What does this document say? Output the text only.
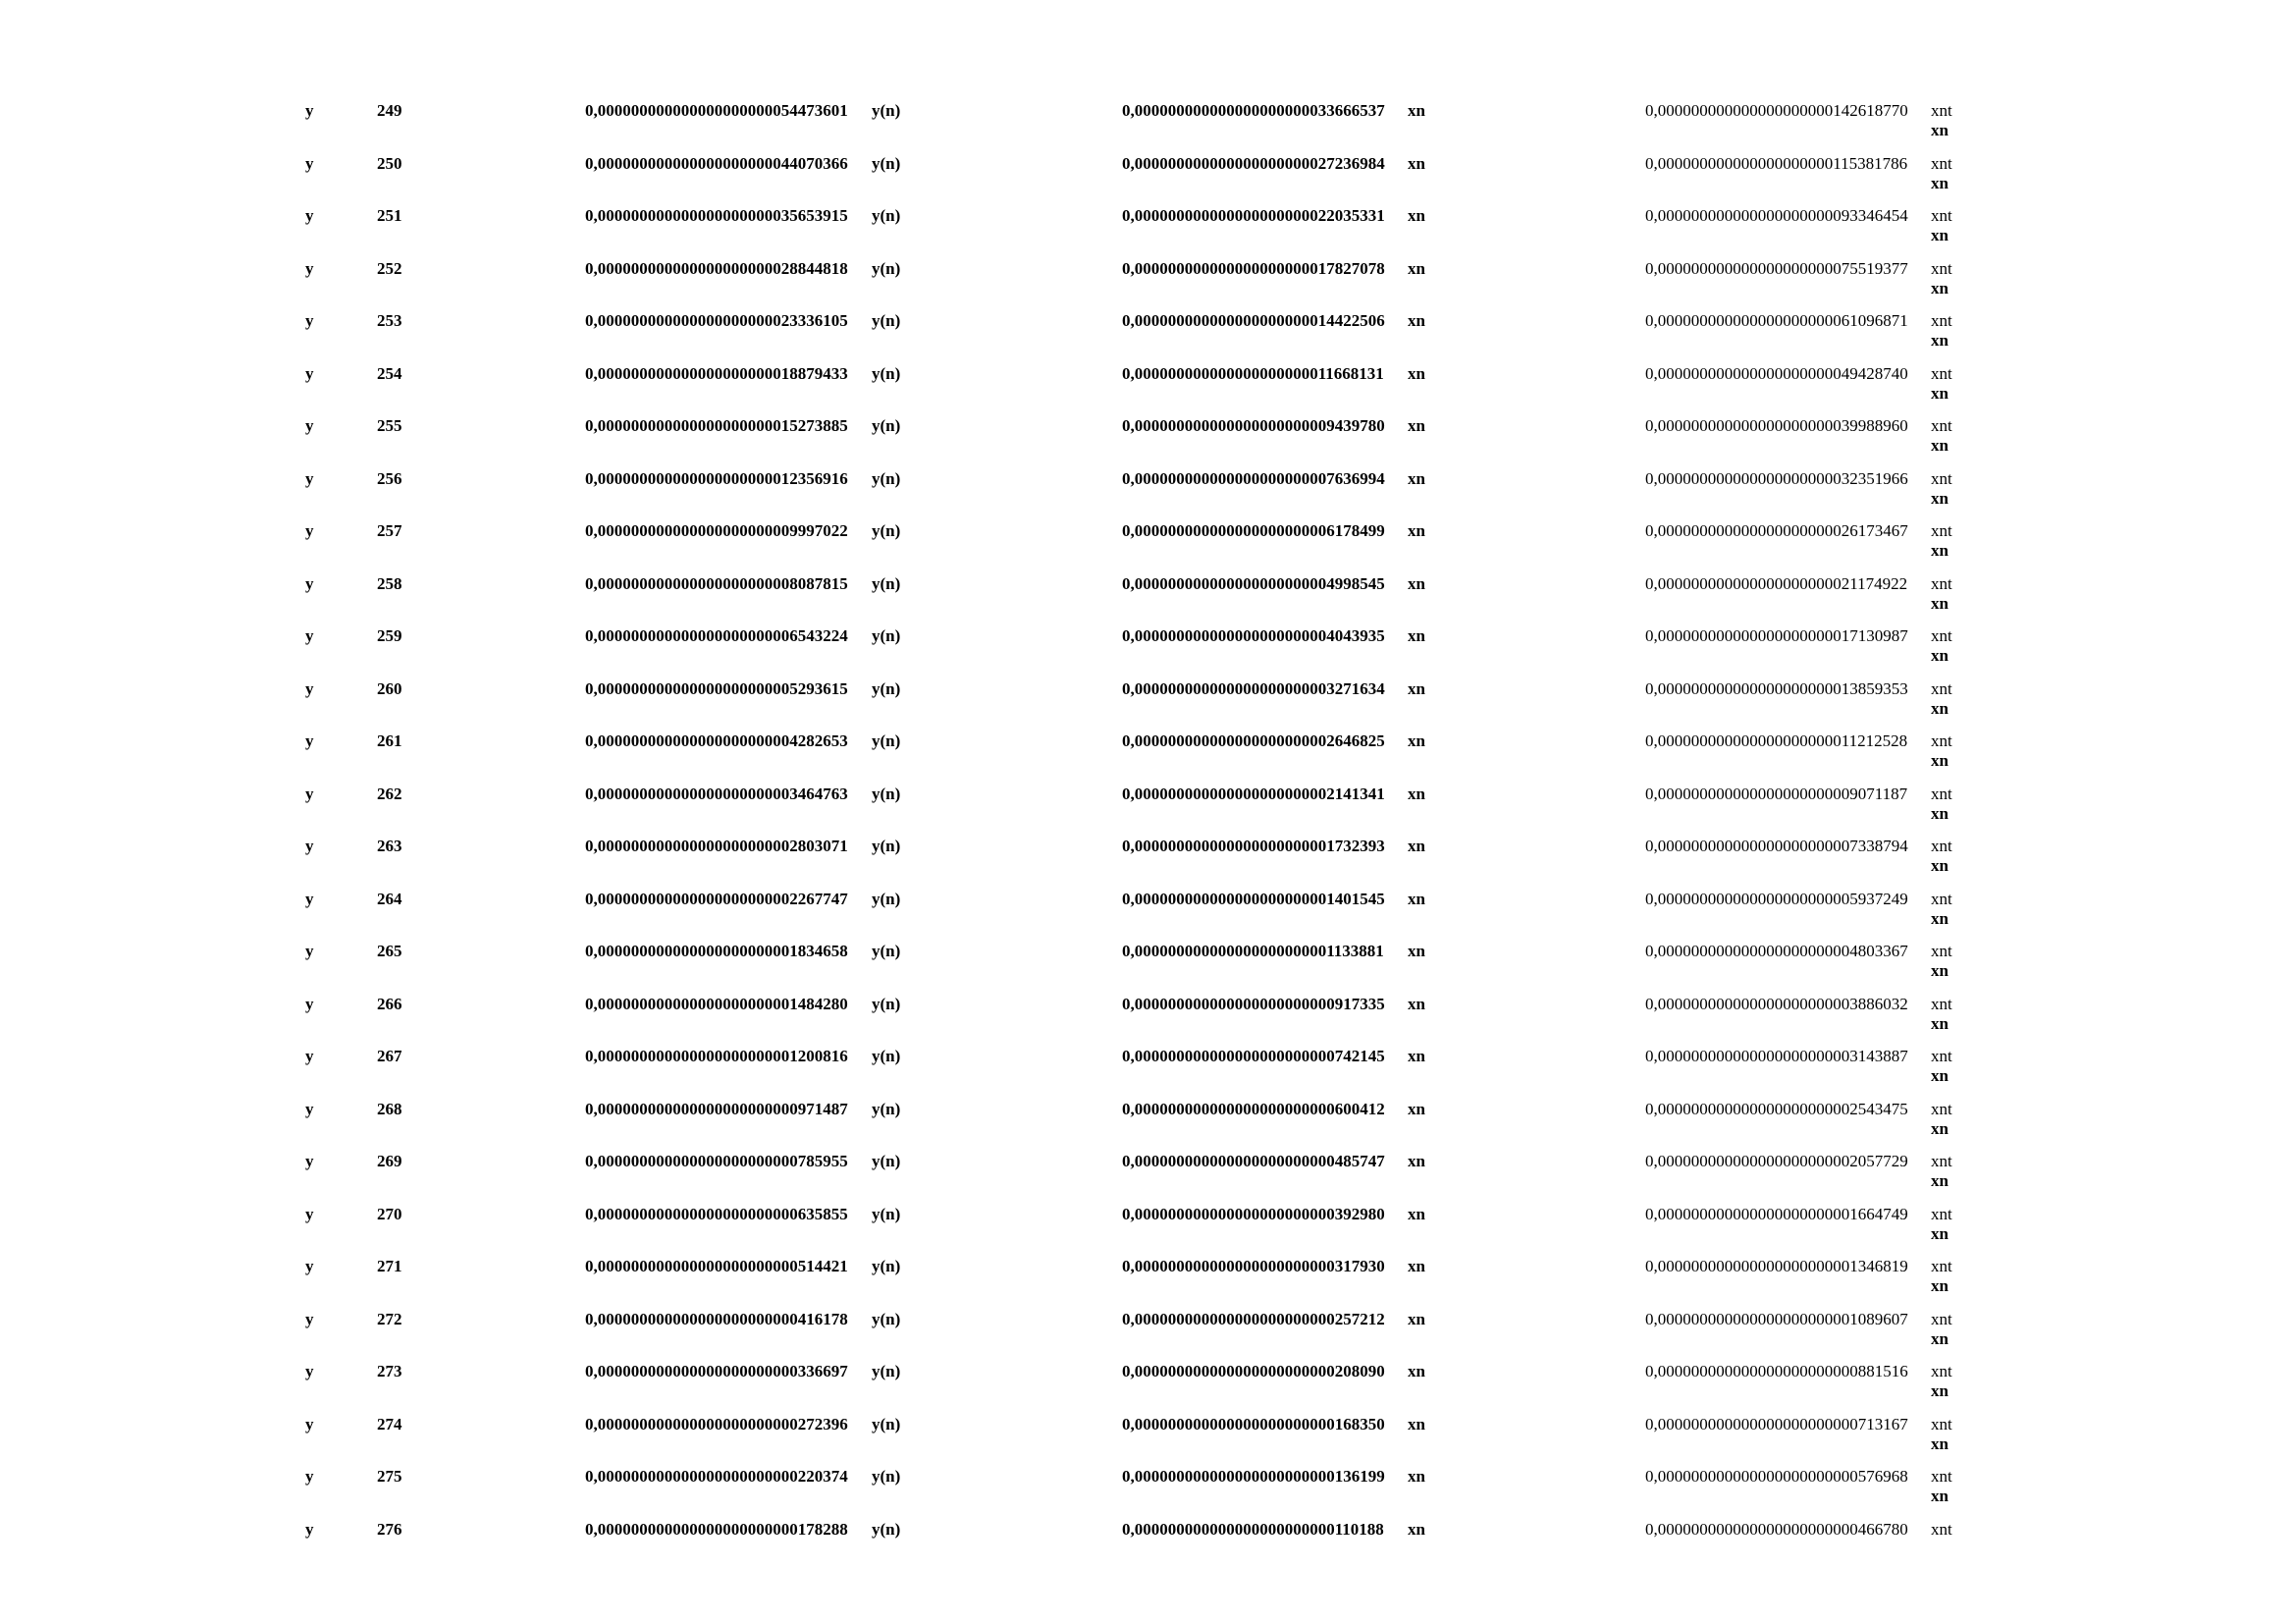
y	249	0,000000000000000000000054473601 y(n)	0,000000000000000000000033666537 xn	0,000000000000000000000142618770 xnt
xn
y	250	0,000000000000000000000044070366 y(n)	0,000000000000000000000027236984 xn	0,000000000000000000000115381786 xnt
xn
y	251	0,000000000000000000000035653915 y(n)	0,000000000000000000000022035331 xn	0,000000000000000000000093346454 xnt
xn
y	252	0,000000000000000000000028844818 y(n)	0,000000000000000000000017827078 xn	0,000000000000000000000075519377 xnt
xn
y	253	0,000000000000000000000023336105 y(n)	0,000000000000000000000014422506 xn	0,000000000000000000000061096871 xnt
xn
y	254	0,000000000000000000000018879433 y(n)	0,000000000000000000000011668131 xn	0,000000000000000000000049428740 xnt
xn
y	255	0,000000000000000000000015273885 y(n)	0,000000000000000000000009439780 xn	0,000000000000000000000039988960 xnt
xn
y	256	0,000000000000000000000012356916 y(n)	0,000000000000000000000007636994 xn	0,000000000000000000000032351966 xnt
xn
y	257	0,000000000000000000000009997022 y(n)	0,000000000000000000000006178499 xn	0,000000000000000000000026173467 xnt
xn
y	258	0,000000000000000000000008087815 y(n)	0,000000000000000000000004998545 xn	0,000000000000000000000021174922 xnt
xn
y	259	0,000000000000000000000006543224 y(n)	0,000000000000000000000004043935 xn	0,000000000000000000000017130987 xnt
xn
y	260	0,000000000000000000000005293615 y(n)	0,000000000000000000000003271634 xn	0,000000000000000000000013859353 xnt
xn
y	261	0,000000000000000000000004282653 y(n)	0,000000000000000000000002646825 xn	0,000000000000000000000011212528 xnt
xn
y	262	0,000000000000000000000003464763 y(n)	0,000000000000000000000002141341 xn	0,000000000000000000000009071187 xnt
xn
y	263	0,000000000000000000000002803071 y(n)	0,000000000000000000000001732393 xn	0,000000000000000000000007338794 xnt
xn
y	264	0,000000000000000000000002267747 y(n)	0,000000000000000000000001401545 xn	0,000000000000000000000005937249 xnt
xn
y	265	0,000000000000000000000001834658 y(n)	0,000000000000000000000001133881 xn	0,000000000000000000000004803367 xnt
xn
y	266	0,000000000000000000000001484280 y(n)	0,000000000000000000000000917335 xn	0,000000000000000000000003886032 xnt
xn
y	267	0,000000000000000000000001200816 y(n)	0,000000000000000000000000742145 xn	0,000000000000000000000003143887 xnt
xn
y	268	0,000000000000000000000000971487 y(n)	0,000000000000000000000000600412 xn	0,000000000000000000000002543475 xnt
xn
y	269	0,000000000000000000000000785955 y(n)	0,000000000000000000000000485747 xn	0,000000000000000000000002057729 xnt
xn
y	270	0,000000000000000000000000635855 y(n)	0,000000000000000000000000392980 xn	0,000000000000000000000001664749 xnt
xn
y	271	0,000000000000000000000000514421 y(n)	0,000000000000000000000000317930 xn	0,000000000000000000000001346819 xnt
xn
y	272	0,000000000000000000000000416178 y(n)	0,000000000000000000000000257212 xn	0,000000000000000000000001089607 xnt
xn
y	273	0,000000000000000000000000336697 y(n)	0,000000000000000000000000208090 xn	0,000000000000000000000000881516 xnt
xn
y	274	0,000000000000000000000000272396 y(n)	0,000000000000000000000000168350 xn	0,000000000000000000000000713167 xnt
xn
y	275	0,000000000000000000000000220374 y(n)	0,000000000000000000000000136199 xn	0,000000000000000000000000576968 xnt
xn
y	276	0,000000000000000000000000178288 y(n)	0,000000000000000000000000110188 xn	0,000000000000000000000000466780 xnt
